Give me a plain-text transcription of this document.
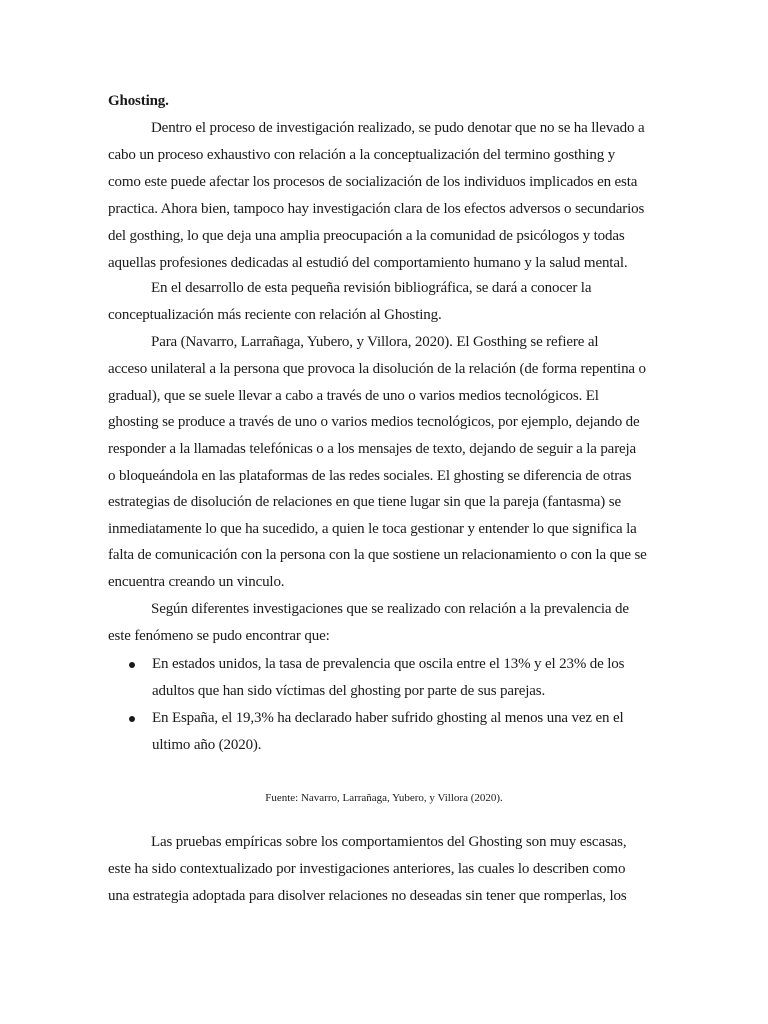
Ghosting.

Dentro el proceso de investigación realizado, se pudo denotar que no se ha llevado a

cabo un proceso exhaustivo con relación a la conceptualización del termino gosthing y

como este puede afectar los procesos de socialización de los individuos implicados en esta

practica. Ahora bien, tampoco hay investigación clara de los efectos adversos o secundarios

del gosthing, lo que deja una amplia preocupación a la comunidad de psicólogos y todas

aquellas profesiones dedicadas al estudió del comportamiento humano y la salud mental.

En el desarrollo de esta pequeña revisión bibliográfica, se dará a conocer la

conceptualización más reciente con relación al Ghosting.

Para (Navarro, Larrañaga, Yubero, y Villora, 2020). El Gosthing se refiere al

acceso unilateral a la persona que provoca la disolución de la relación (de forma repentina o

gradual), que se suele llevar a cabo a través de uno o varios medios tecnológicos. El

ghosting se produce a través de uno o varios medios tecnológicos, por ejemplo, dejando de

responder a la llamadas telefónicas o a los mensajes de texto, dejando de seguir a la pareja

o bloqueándola en las plataformas de las redes sociales. El ghosting se diferencia de otras

estrategias de disolución de relaciones en que tiene lugar sin que la pareja (fantasma) se

inmediatamente lo que ha sucedido, a quien le toca gestionar y entender lo que significa la

falta de comunicación con la persona con la que sostiene un relacionamiento o con la que se

encuentra creando un vinculo.

Según diferentes investigaciones que se realizado con relación a la prevalencia de

este fenómeno se pudo encontrar que:

En estados unidos, la tasa de prevalencia que oscila entre el 13% y el 23% de los

adultos que han sido víctimas del ghosting por parte de sus parejas.

En España, el 19,3% ha declarado haber sufrido ghosting al menos una vez en el

ultimo año (2020).

Fuente: Navarro, Larrañaga, Yubero, y Villora (2020).

Las pruebas empíricas sobre los comportamientos del Ghosting son muy escasas,

este ha sido contextualizado por investigaciones anteriores, las cuales lo describen como

una estrategia adoptada para disolver relaciones no deseadas sin tener que romperlas, los
